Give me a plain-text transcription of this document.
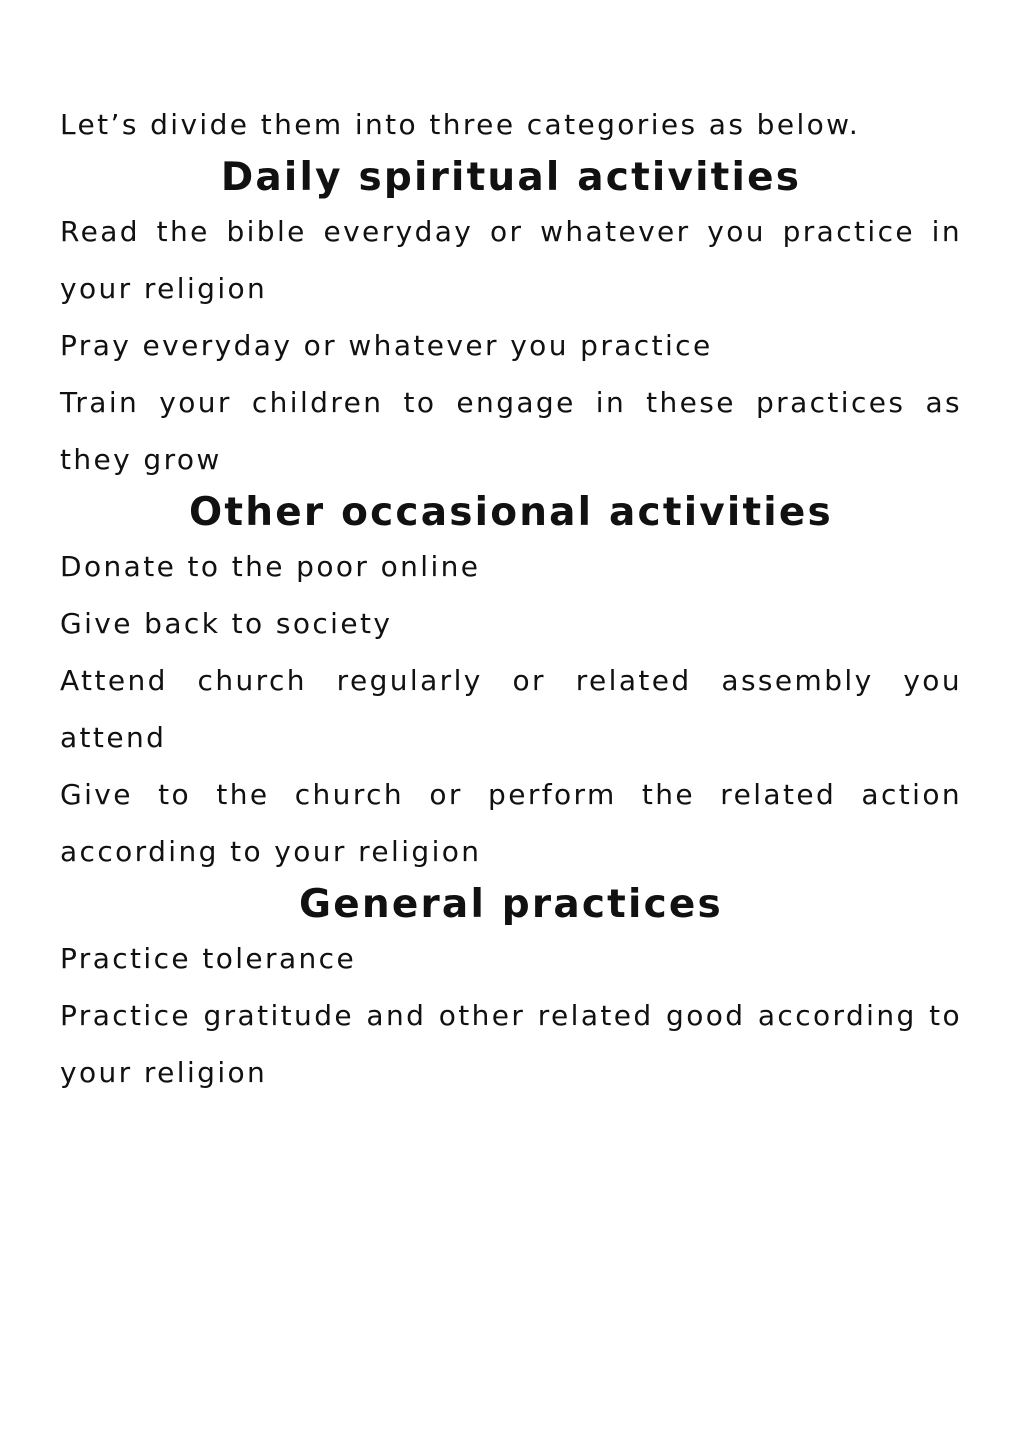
Let’s divide them into three categories as below.

Daily spiritual activities

Read the bible everyday or whatever you practice in your religion

Pray everyday or whatever you practice

Train your children to engage in these practices as they grow

Other occasional activities

Donate to the poor online

Give back to society

Attend church regularly or related assembly you attend

Give to the church or perform the related action according to your religion

General practices

Practice tolerance

Practice gratitude and other related good according to your religion
